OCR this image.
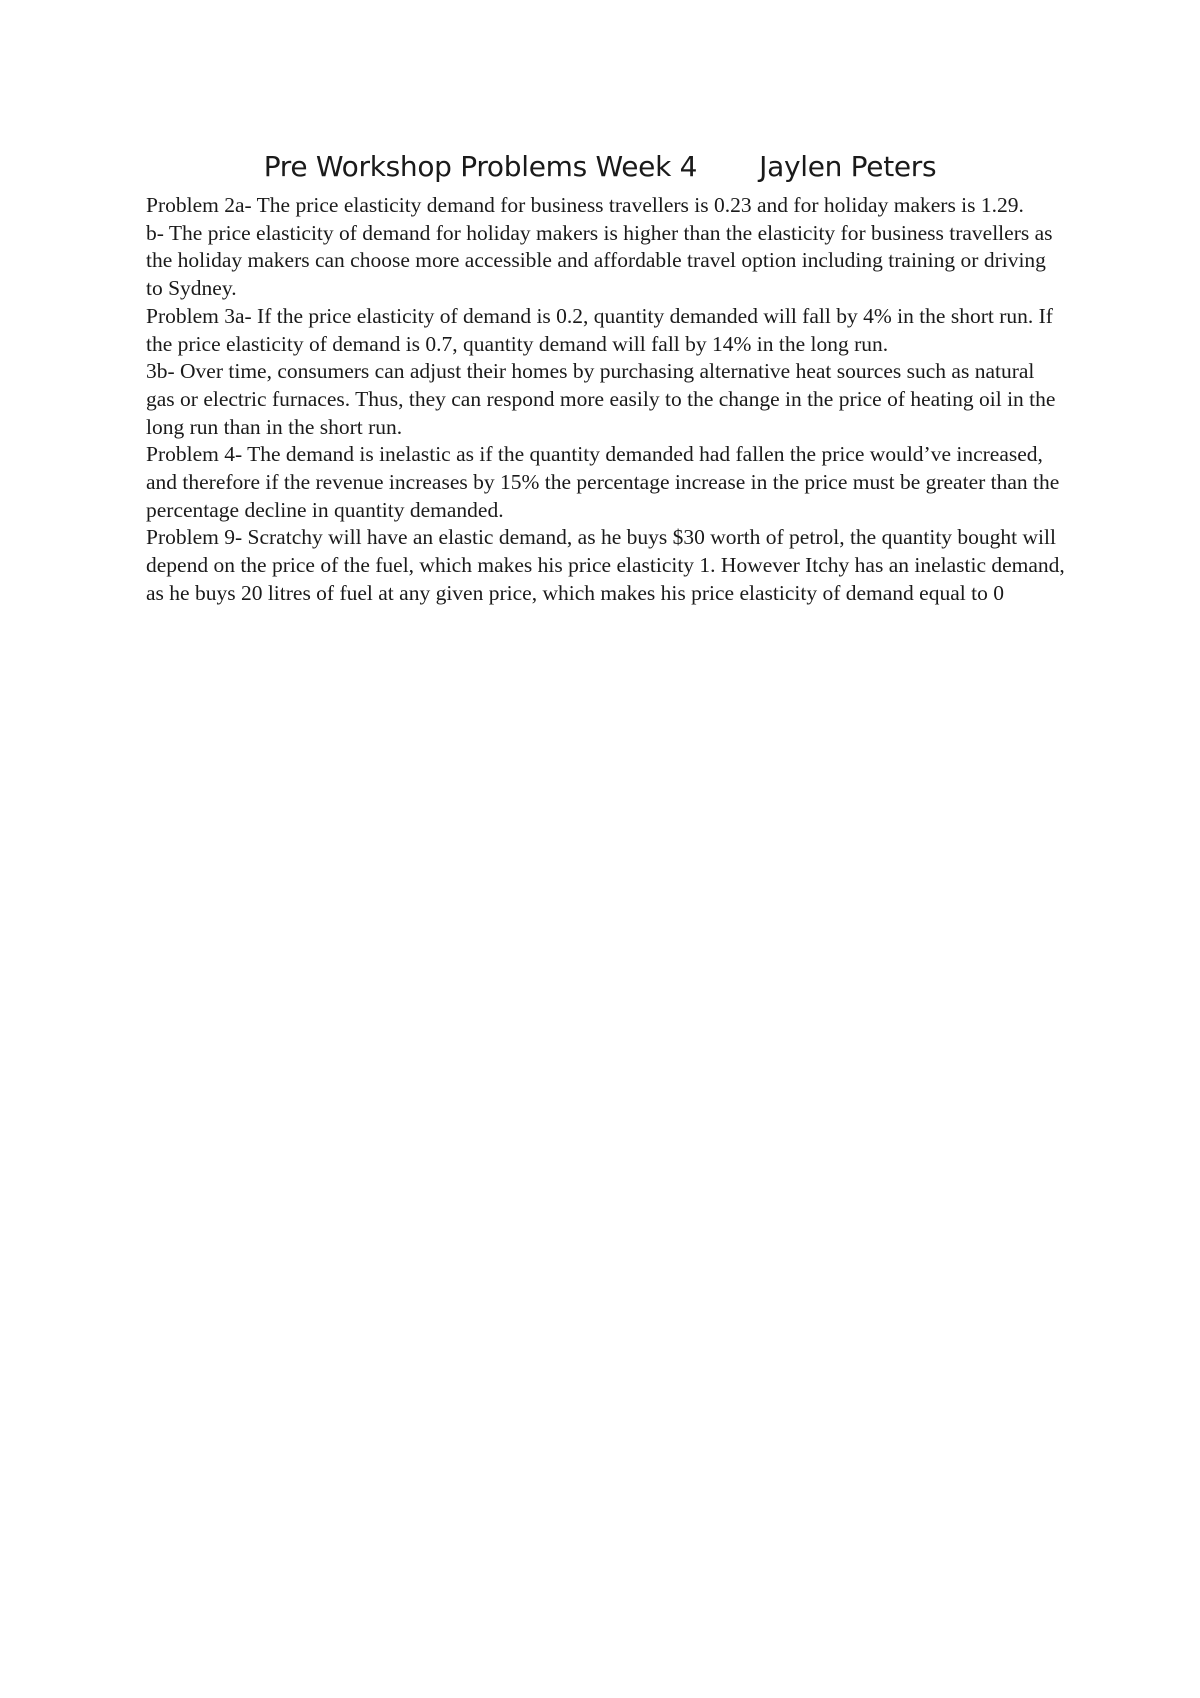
Pre Workshop Problems Week 4 Jaylen Peters

Problem 2a- The price elasticity demand for business travellers is 0.23 and for holiday makers is 1.29.

b- The price elasticity of demand for holiday makers is higher than the elasticity for business travellers as the holiday makers can choose more accessible and affordable travel option including training or driving to Sydney.

Problem 3a- If the price elasticity of demand is 0.2, quantity demanded will fall by 4% in the short run. If the price elasticity of demand is 0.7, quantity demand will fall by 14% in the long run.

3b- Over time, consumers can adjust their homes by purchasing alternative heat sources such as natural gas or electric furnaces. Thus, they can respond more easily to the change in the price of heating oil in the long run than in the short run.

Problem 4- The demand is inelastic as if the quantity demanded had fallen the price would’ve increased, and therefore if the revenue increases by 15% the percentage increase in the price must be greater than the percentage decline in quantity demanded.

Problem 9- Scratchy will have an elastic demand, as he buys $30 worth of petrol, the quantity bought will depend on the price of the fuel, which makes his price elasticity 1. However Itchy has an inelastic demand, as he buys 20 litres of fuel at any given price, which makes his price elasticity of demand equal to 0
